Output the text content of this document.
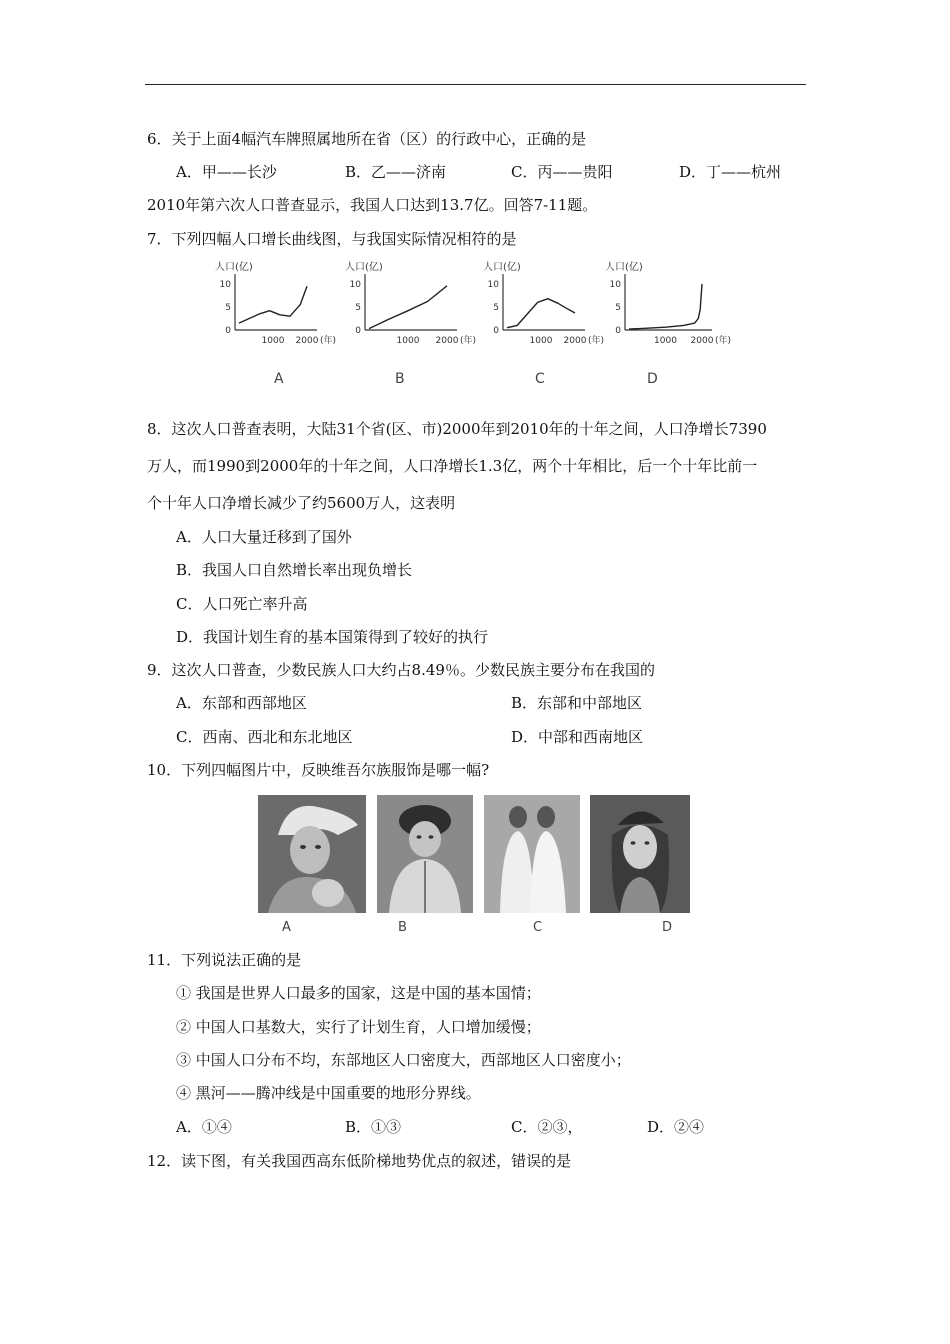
6．关于上面4幅汽车牌照属地所在省（区）的行政中心，正确的是
A．甲——长沙	B．乙——济南	C．丙——贵阳	D．丁——杭州
2010年第六次人口普查显示，我国人口达到13.7亿。回答7-11题。
7．下列四幅人口增长曲线图，与我国实际情况相符的是
人口(亿)
0
5
10
1000 2000 (年)
人口(亿)
0
5
10
1000 2000 (年)
人口(亿)
0
5
10
1000 2000 (年)
人口(亿)
0
5
10
1000 2000 (年)
A	B	C	D
8．这次人口普查表明，大陆31个省(区、市)2000年到2010年的十年之间，人口净增长7390
万人，而1990到2000年的十年之间，人口净增长1.3亿，两个十年相比，后一个十年比前一
个十年人口净增长减少了约5600万人，这表明
A．人口大量迁移到了国外
B．我国人口自然增长率出现负增长
C．人口死亡率升高
D．我国计划生育的基本国策得到了较好的执行
9．这次人口普查，少数民族人口大约占8.49％。少数民族主要分布在我国的
A．东部和西部地区	B．东部和中部地区
C．西南、西北和东北地区	D．中部和西南地区
10．下列四幅图片中，反映维吾尔族服饰是哪一幅?
A	B	C	D
11．下列说法正确的是
① 我国是世界人口最多的国家，这是中国的基本国情；
② 中国人口基数大，实行了计划生育，人口增加缓慢；
③ 中国人口分布不均，东部地区人口密度大，西部地区人口密度小；
④ 黑河——腾冲线是中国重要的地形分界线。
A．①④	B．①③	C．②③，	D．②④
12．读下图，有关我国西高东低阶梯地势优点的叙述，错误的是
